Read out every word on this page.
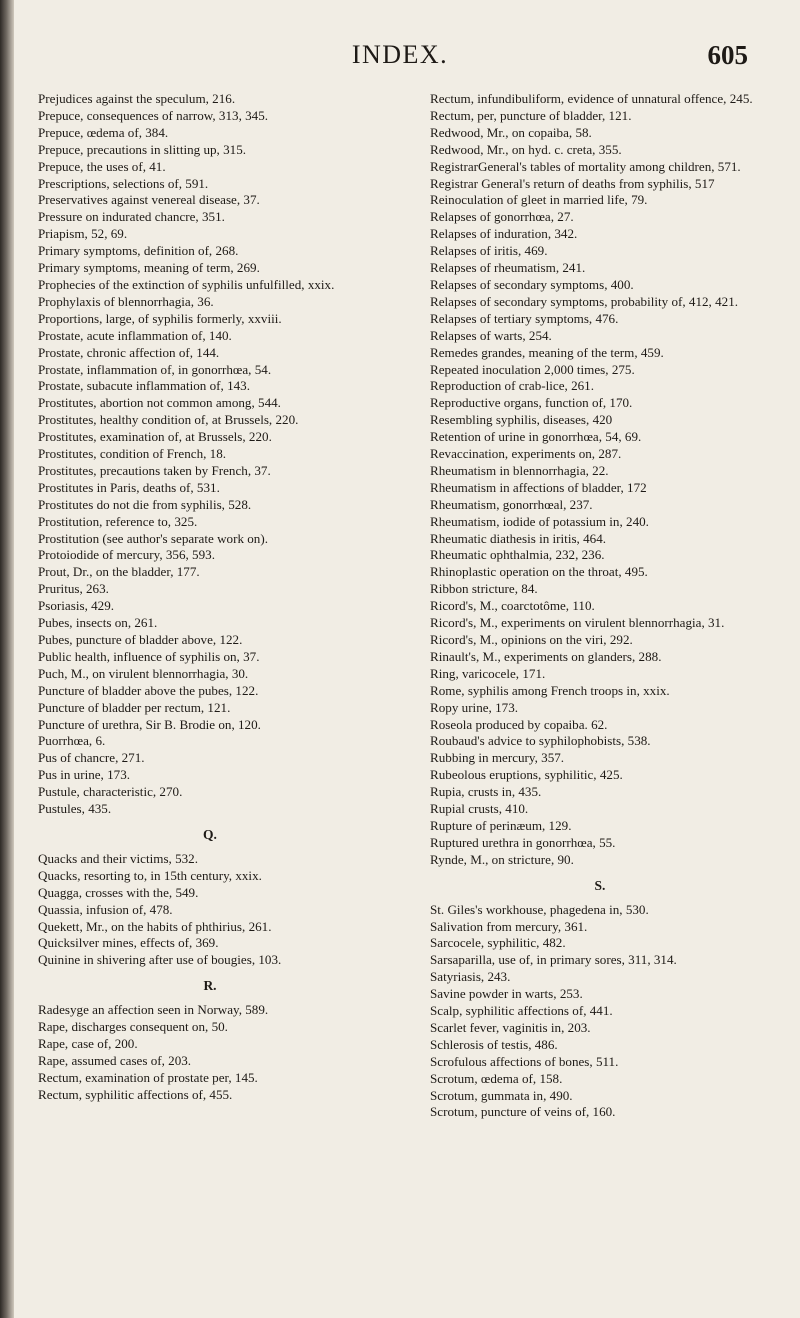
INDEX.	605
Prejudices against the speculum, 216.
Prepuce, consequences of narrow, 313, 345.
Prepuce, œdema of, 384.
Prepuce, precautions in slitting up, 315.
Prepuce, the uses of, 41.
Prescriptions, selections of, 591.
Preservatives against venereal disease, 37.
Pressure on indurated chancre, 351.
Priapism, 52, 69.
Primary symptoms, definition of, 268.
Primary symptoms, meaning of term, 269.
Prophecies of the extinction of syphilis unfulfilled, xxix.
Prophylaxis of blennorrhagia, 36.
Proportions, large, of syphilis formerly, xxviii.
Prostate, acute inflammation of, 140.
Prostate, chronic affection of, 144.
Prostate, inflammation of, in gonorrhœa, 54.
Prostate, subacute inflammation of, 143.
Prostitutes, abortion not common among, 544.
Prostitutes, healthy condition of, at Brussels, 220.
Prostitutes, examination of, at Brussels, 220.
Prostitutes, condition of French, 18.
Prostitutes, precautions taken by French, 37.
Prostitutes in Paris, deaths of, 531.
Prostitutes do not die from syphilis, 528.
Prostitution, reference to, 325.
Prostitution (see author's separate work on).
Protoiodide of mercury, 356, 593.
Prout, Dr., on the bladder, 177.
Pruritus, 263.
Psoriasis, 429.
Pubes, insects on, 261.
Pubes, puncture of bladder above, 122.
Public health, influence of syphilis on, 37.
Puch, M., on virulent blennorrhagia, 30.
Puncture of bladder above the pubes, 122.
Puncture of bladder per rectum, 121.
Puncture of urethra, Sir B. Brodie on, 120.
Puorrhœa, 6.
Pus of chancre, 271.
Pus in urine, 173.
Pustule, characteristic, 270.
Pustules, 435.
Q.
Quacks and their victims, 532.
Quacks, resorting to, in 15th century, xxix.
Quagga, crosses with the, 549.
Quassia, infusion of, 478.
Quekett, Mr., on the habits of phthirius, 261.
Quicksilver mines, effects of, 369.
Quinine in shivering after use of bougies, 103.
R.
Radesyge an affection seen in Norway, 589.
Rape, discharges consequent on, 50.
Rape, case of, 200.
Rape, assumed cases of, 203.
Rectum, examination of prostate per, 145.
Rectum, syphilitic affections of, 455.
Rectum, infundibuliform, evidence of unnatural offence, 245.
Rectum, per, puncture of bladder, 121.
Redwood, Mr., on copaiba, 58.
Redwood, Mr., on hyd. c. creta, 355.
RegistrarGeneral's tables of mortality among children, 571.
Registrar General's return of deaths from syphilis, 517
Reinoculation of gleet in married life, 79.
Relapses of gonorrhœa, 27.
Relapses of induration, 342.
Relapses of iritis, 469.
Relapses of rheumatism, 241.
Relapses of secondary symptoms, 400.
Relapses of secondary symptoms, probability of, 412, 421.
Relapses of tertiary symptoms, 476.
Relapses of warts, 254.
Remedes grandes, meaning of the term, 459.
Repeated inoculation 2,000 times, 275.
Reproduction of crab-lice, 261.
Reproductive organs, function of, 170.
Resembling syphilis, diseases, 420
Retention of urine in gonorrhœa, 54, 69.
Revaccination, experiments on, 287.
Rheumatism in blennorrhagia, 22.
Rheumatism in affections of bladder, 172
Rheumatism, gonorrhœal, 237.
Rheumatism, iodide of potassium in, 240.
Rheumatic diathesis in iritis, 464.
Rheumatic ophthalmia, 232, 236.
Rhinoplastic operation on the throat, 495.
Ribbon stricture, 84.
Ricord's, M., coarctotôme, 110.
Ricord's, M., experiments on virulent blennorrhagia, 31.
Ricord's, M., opinions on the viri, 292.
Rinault's, M., experiments on glanders, 288.
Ring, varicocele, 171.
Rome, syphilis among French troops in, xxix.
Ropy urine, 173.
Roseola produced by copaiba. 62.
Roubaud's advice to syphilophobists, 538.
Rubbing in mercury, 357.
Rubeolous eruptions, syphilitic, 425.
Rupia, crusts in, 435.
Rupial crusts, 410.
Rupture of perinæum, 129.
Ruptured urethra in gonorrhœa, 55.
Rynde, M., on stricture, 90.
S.
St. Giles's workhouse, phagedena in, 530.
Salivation from mercury, 361.
Sarcocele, syphilitic, 482.
Sarsaparilla, use of, in primary sores, 311, 314.
Satyriasis, 243.
Savine powder in warts, 253.
Scalp, syphilitic affections of, 441.
Scarlet fever, vaginitis in, 203.
Schlerosis of testis, 486.
Scrofulous affections of bones, 511.
Scrotum, œdema of, 158.
Scrotum, gummata in, 490.
Scrotum, puncture of veins of, 160.
